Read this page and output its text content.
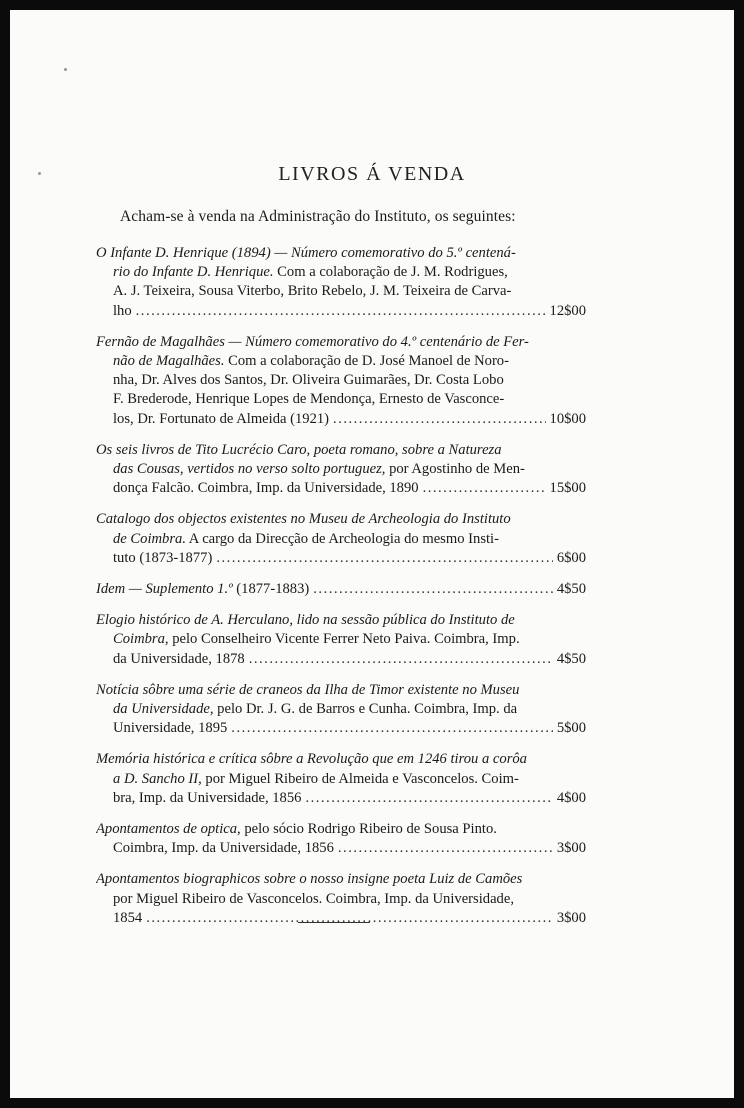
LIVROS Á VENDA
Acham-se à venda na Administração do Instituto, os seguintes:
O Infante D. Henrique (1894) — Número comemorativo do 5.º centená-
rio do Infante D. Henrique. Com a colaboração de J. M. Rodrigues,
A. J. Teixeira, Sousa Viterbo, Brito Rebelo, J. M. Teixeira de Carva-
lho .....	12$00
Fernão de Magalhães — Número comemorativo do 4.º centenário de Fer-
não de Magalhães. Com a colaboração de D. José Manoel de Noro-
nha, Dr. Alves dos Santos, Dr. Oliveira Guimarães, Dr. Costa Lobo
F. Brederode, Henrique Lopes de Mendonça, Ernesto de Vasconce-
los, Dr. Fortunato de Almeida (1921) .....	10$00
Os seis livros de Tito Lucrécio Caro, poeta romano, sobre a Natureza
das Cousas, vertidos no verso solto portuguez, por Agostinho de Men-
donça Falcão. Coimbra, Imp. da Universidade, 1890 .....	15$00
Catalogo dos objectos existentes no Museu de Archeologia do Instituto
de Coimbra. A cargo da Direcção de Archeologia do mesmo Insti-
tuto (1873-1877) .....	6$00
Idem — Suplemento 1.º (1877-1883) .....	4$50
Elogio histórico de A. Herculano, lido na sessão pública do Instituto de
Coimbra, pelo Conselheiro Vicente Ferrer Neto Paiva. Coimbra, Imp.
da Universidade, 1878 .....	4$50
Notícia sôbre uma série de craneos da Ilha de Timor existente no Museu
da Universidade, pelo Dr. J. G. de Barros e Cunha. Coimbra, Imp. da
Universidade, 1895 .....	5$00
Memória histórica e crítica sôbre a Revolução que em 1246 tirou a corôa
a D. Sancho II, por Miguel Ribeiro de Almeida e Vasconcelos. Coim-
bra, Imp. da Universidade, 1856 .....	4$00
Apontamentos de optica, pelo sócio Rodrigo Ribeiro de Sousa Pinto.
Coimbra, Imp. da Universidade, 1856 .....	3$00
Apontamentos biographicos sobre o nosso insigne poeta Luiz de Camões
por Miguel Ribeiro de Vasconcelos. Coimbra, Imp. da Universidade,
1854 .....	3$00
